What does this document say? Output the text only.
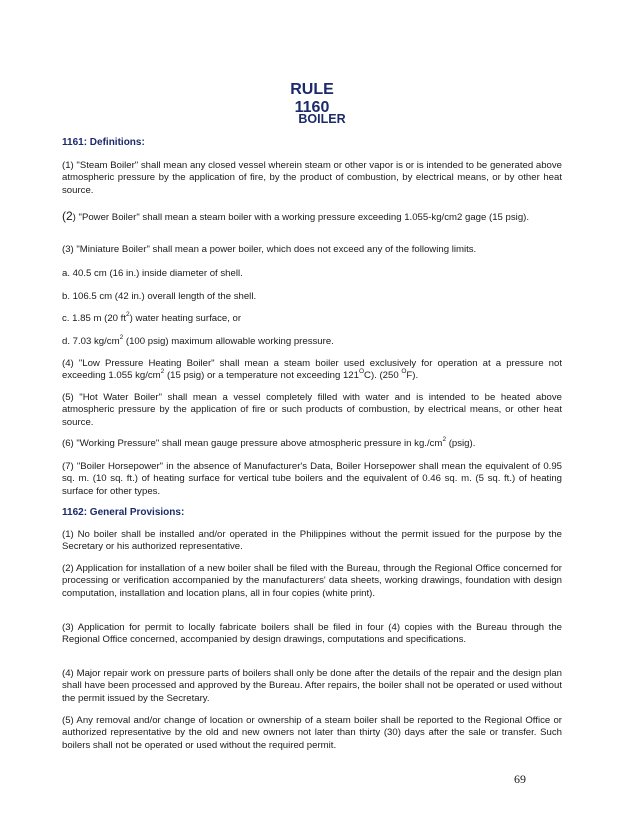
RULE 1160
BOILER
1161: Definitions:
(1) "Steam Boiler" shall mean any closed vessel wherein steam or other vapor is or is intended to be generated above atmospheric pressure by the application of fire, by the product of combustion, by electrical means, or by other heat source.
(2) "Power Boiler" shall mean a steam boiler with a working pressure exceeding 1.055-kg/cm2 gage (15 psig).
(3) "Miniature Boiler" shall mean a power boiler, which does not exceed any of the following limits.
a. 40.5 cm (16 in.) inside diameter of shell.
b. 106.5 cm (42 in.) overall length of the shell.
c. 1.85 m (20 $ft^2$) water heating surface, or
d. 7.03 $kg/cm^2$ (100 psig) maximum allowable working pressure.
(4) "Low Pressure Heating Boiler" shall mean a steam boiler used exclusively for operation at a pressure not exceeding 1.055 $kg/cm^2$ (15 psig) or a temperature not exceeding $121^OC$). (250 $^O$F).
(5) "Hot Water Boiler" shall mean a vessel completely filled with water and is intended to be heated above atmospheric pressure by the application of fire or such products of combustion, by electrical means, or other heat source.
(6) "Working Pressure" shall mean gauge pressure above atmospheric pressure in $kg./cm^2$ (psig).
(7) "Boiler Horsepower" in the absence of Manufacturer's Data, Boiler Horsepower shall mean the equivalent of 0.95 sq. m. (10 sq. ft.) of heating surface for vertical tube boilers and the equivalent of 0.46 sq. m. (5 sq. ft.) of heating surface for other types.
1162: General Provisions:
(1) No boiler shall be installed and/or operated in the Philippines without the permit issued for the purpose by the Secretary or his authorized representative.
(2) Application for installation of a new boiler shall be filed with the Bureau, through the Regional Office concerned for processing or verification accompanied by the manufacturers' data sheets, working drawings, foundation with design computation, installation and location plans, all in four copies (white print).
(3) Application for permit to locally fabricate boilers shall be filed in four (4) copies with the Bureau through the Regional Office concerned, accompanied by design drawings, computations and specifications.
(4) Major repair work on pressure parts of boilers shall only be done after the details of the repair and the design plan shall have been processed and approved by the Bureau. After repairs, the boiler shall not be operated or used without the permit issued by the Secretary.
(5) Any removal and/or change of location or ownership of a steam boiler shall be reported to the Regional Office or authorized representative by the old and new owners not later than thirty (30) days after the sale or transfer. Such boilers shall not be operated or used without the required permit.
69
